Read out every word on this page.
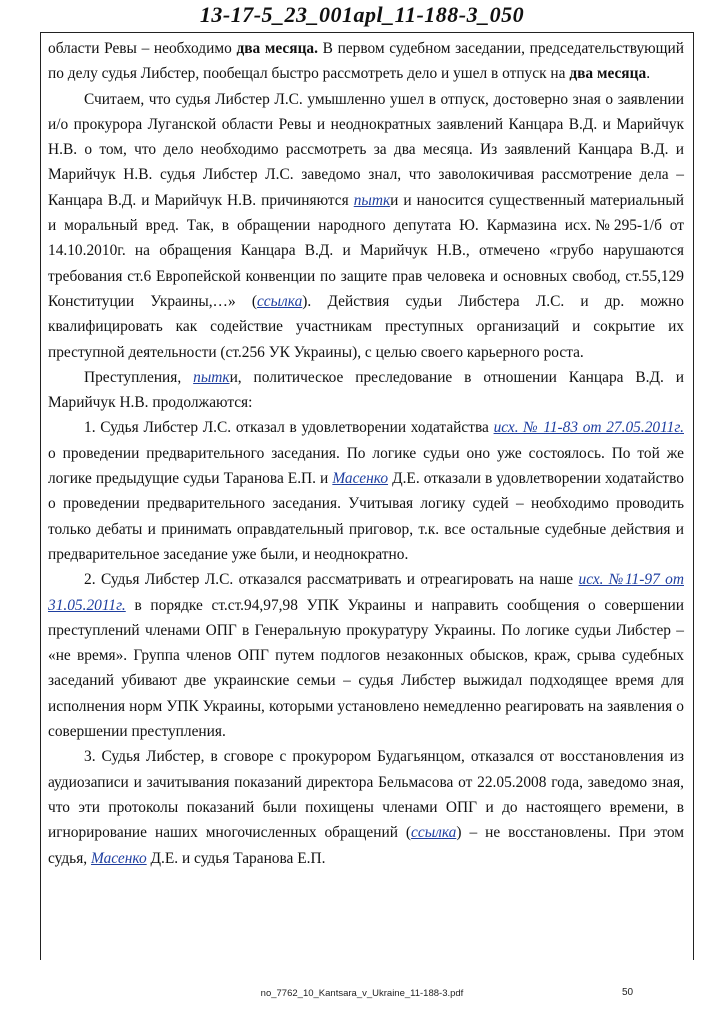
13-17-5_23_001apl_11-188-3_050

области Ревы – необходимо два месяца. В первом судебном заседании, председательствующий по делу судья Либстер, пообещал быстро рассмотреть дело и ушел в отпуск на два месяца.

Считаем, что судья Либстер Л.С. умышленно ушел в отпуск, достоверно зная о заявлении и/о прокурора Луганской области Ревы и неоднократных заявлений Канцара В.Д. и Марийчук Н.В. о том, что дело необходимо рассмотреть за два месяца. Из заявлений Канцара В.Д. и Марийчук Н.В. судья Либстер Л.С. заведомо знал, что заволокичивая рассмотрение дела – Канцара В.Д. и Марийчук Н.В. причиняются пытки и наносится существенный материальный и моральный вред. Так, в обращении народного депутата Ю. Кармазина исх.№295-1/б от 14.10.2010г. на обращения Канцара В.Д. и Марийчук Н.В., отмечено «грубо нарушаются требования ст.6 Европейской конвенции по защите прав человека и основных свобод, ст.55,129 Конституции Украины,…» (ссылка). Действия судьи Либстера Л.С. и др. можно квалифицировать как содействие участникам преступных организаций и сокрытие их преступной деятельности (ст.256 УК Украины), с целью своего карьерного роста.

Преступления, пытки, политическое преследование в отношении Канцара В.Д. и Марийчук Н.В. продолжаются:

1. Судья Либстер Л.С. отказал в удовлетворении ходатайства исх. № 11-83 от 27.05.2011г. о проведении предварительного заседания. По логике судьи оно уже состоялось. По той же логике предыдущие судьи Таранова Е.П. и Масенко Д.Е. отказали в удовлетворении ходатайство о проведении предварительного заседания. Учитывая логику судей – необходимо проводить только дебаты и принимать оправдательный приговор, т.к. все остальные судебные действия и предварительное заседание уже были, и неоднократно.

2. Судья Либстер Л.С. отказался рассматривать и отреагировать на наше исх. №11-97 от 31.05.2011г. в порядке ст.ст.94,97,98 УПК Украины и направить сообщения о совершении преступлений членами ОПГ в Генеральную прокуратуру Украины. По логике судьи Либстер – «не время». Группа членов ОПГ путем подлогов незаконных обысков, краж, срыва судебных заседаний убивают две украинские семьи – судья Либстер выжидал подходящее время для исполнения норм УПК Украины, которыми установлено немедленно реагировать на заявления о совершении преступления.

3. Судья Либстер, в сговоре с прокурором Будагьянцом, отказался от восстановления из аудиозаписи и зачитывания показаний директора Бельмасова от 22.05.2008 года, заведомо зная, что эти протоколы показаний были похищены членами ОПГ и до настоящего времени, в игнорирование наших многочисленных обращений (ссылка) – не восстановлены. При этом судья, Масенко Д.Е. и судья Таранова Е.П.

no_7762_10_Kantsara_v_Ukraine_11-188-3.pdf	50
